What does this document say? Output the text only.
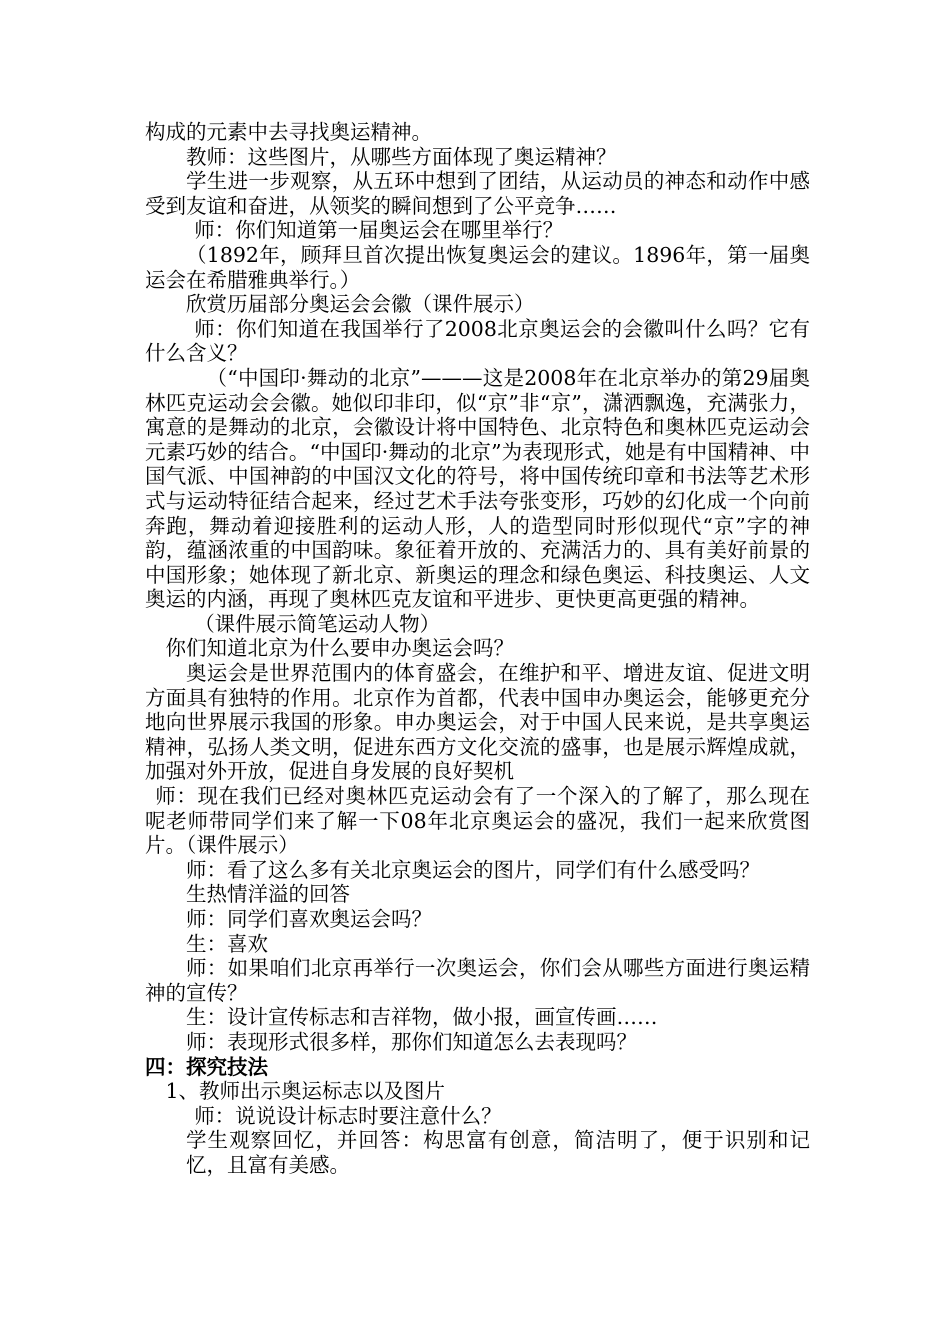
构成的元素中去寻找奥运精神。

教师：这些图片，从哪些方面体现了奥运精神？

学生进一步观察，从五环中想到了团结，从运动员的神态和动作中感受到友谊和奋进，从领奖的瞬间想到了公平竞争……

师：你们知道第一届奥运会在哪里举行？

（1892年，顾拜旦首次提出恢复奥运会的建议。1896年，第一届奥运会在希腊雅典举行。）

欣赏历届部分奥运会会徽（课件展示）

师：你们知道在我国举行了2008北京奥运会的会徽叫什么吗？它有什么含义？

（“中国印·舞动的北京”———这是2008年在北京举办的第29届奥林匹克运动会会徽。她似印非印，似“京”非“京”，潇洒飘逸，充满张力，寓意的是舞动的北京，会徽设计将中国特色、北京特色和奥林匹克运动会元素巧妙的结合。“中国印·舞动的北京”为表现形式，她是有中国精神、中国气派、中国神韵的中国汉文化的符号，将中国传统印章和书法等艺术形式与运动特征结合起来，经过艺术手法夸张变形，巧妙的幻化成一个向前奔跑，舞动着迎接胜利的运动人形，人的造型同时形似现代“京”字的神韵，蕴涵浓重的中国韵味。象征着开放的、充满活力的、具有美好前景的中国形象；她体现了新北京、新奥运的理念和绿色奥运、科技奥运、人文奥运的内涵，再现了奥林匹克友谊和平进步、更快更高更强的精神。

（课件展示简笔运动人物）

你们知道北京为什么要申办奥运会吗？

奥运会是世界范围内的体育盛会，在维护和平、增进友谊、促进文明方面具有独特的作用。北京作为首都，代表中国申办奥运会，能够更充分地向世界展示我国的形象。申办奥运会，对于中国人民来说，是共享奥运精神，弘扬人类文明，促进东西方文化交流的盛事，也是展示辉煌成就，加强对外开放，促进自身发展的良好契机

师：现在我们已经对奥林匹克运动会有了一个深入的了解了，那么现在呢老师带同学们来了解一下08年北京奥运会的盛况，我们一起来欣赏图片。（课件展示）

师：看了这么多有关北京奥运会的图片，同学们有什么感受吗？

生热情洋溢的回答

师：同学们喜欢奥运会吗？

生：喜欢

师：如果咱们北京再举行一次奥运会，你们会从哪些方面进行奥运精神的宣传？

生：设计宣传标志和吉祥物，做小报，画宣传画……

师：表现形式很多样，那你们知道怎么去表现吗？

四：探究技法

1、教师出示奥运标志以及图片

师：说说设计标志时要注意什么？

学生观察回忆，并回答：构思富有创意，简洁明了，便于识别和记忆，且富有美感。
